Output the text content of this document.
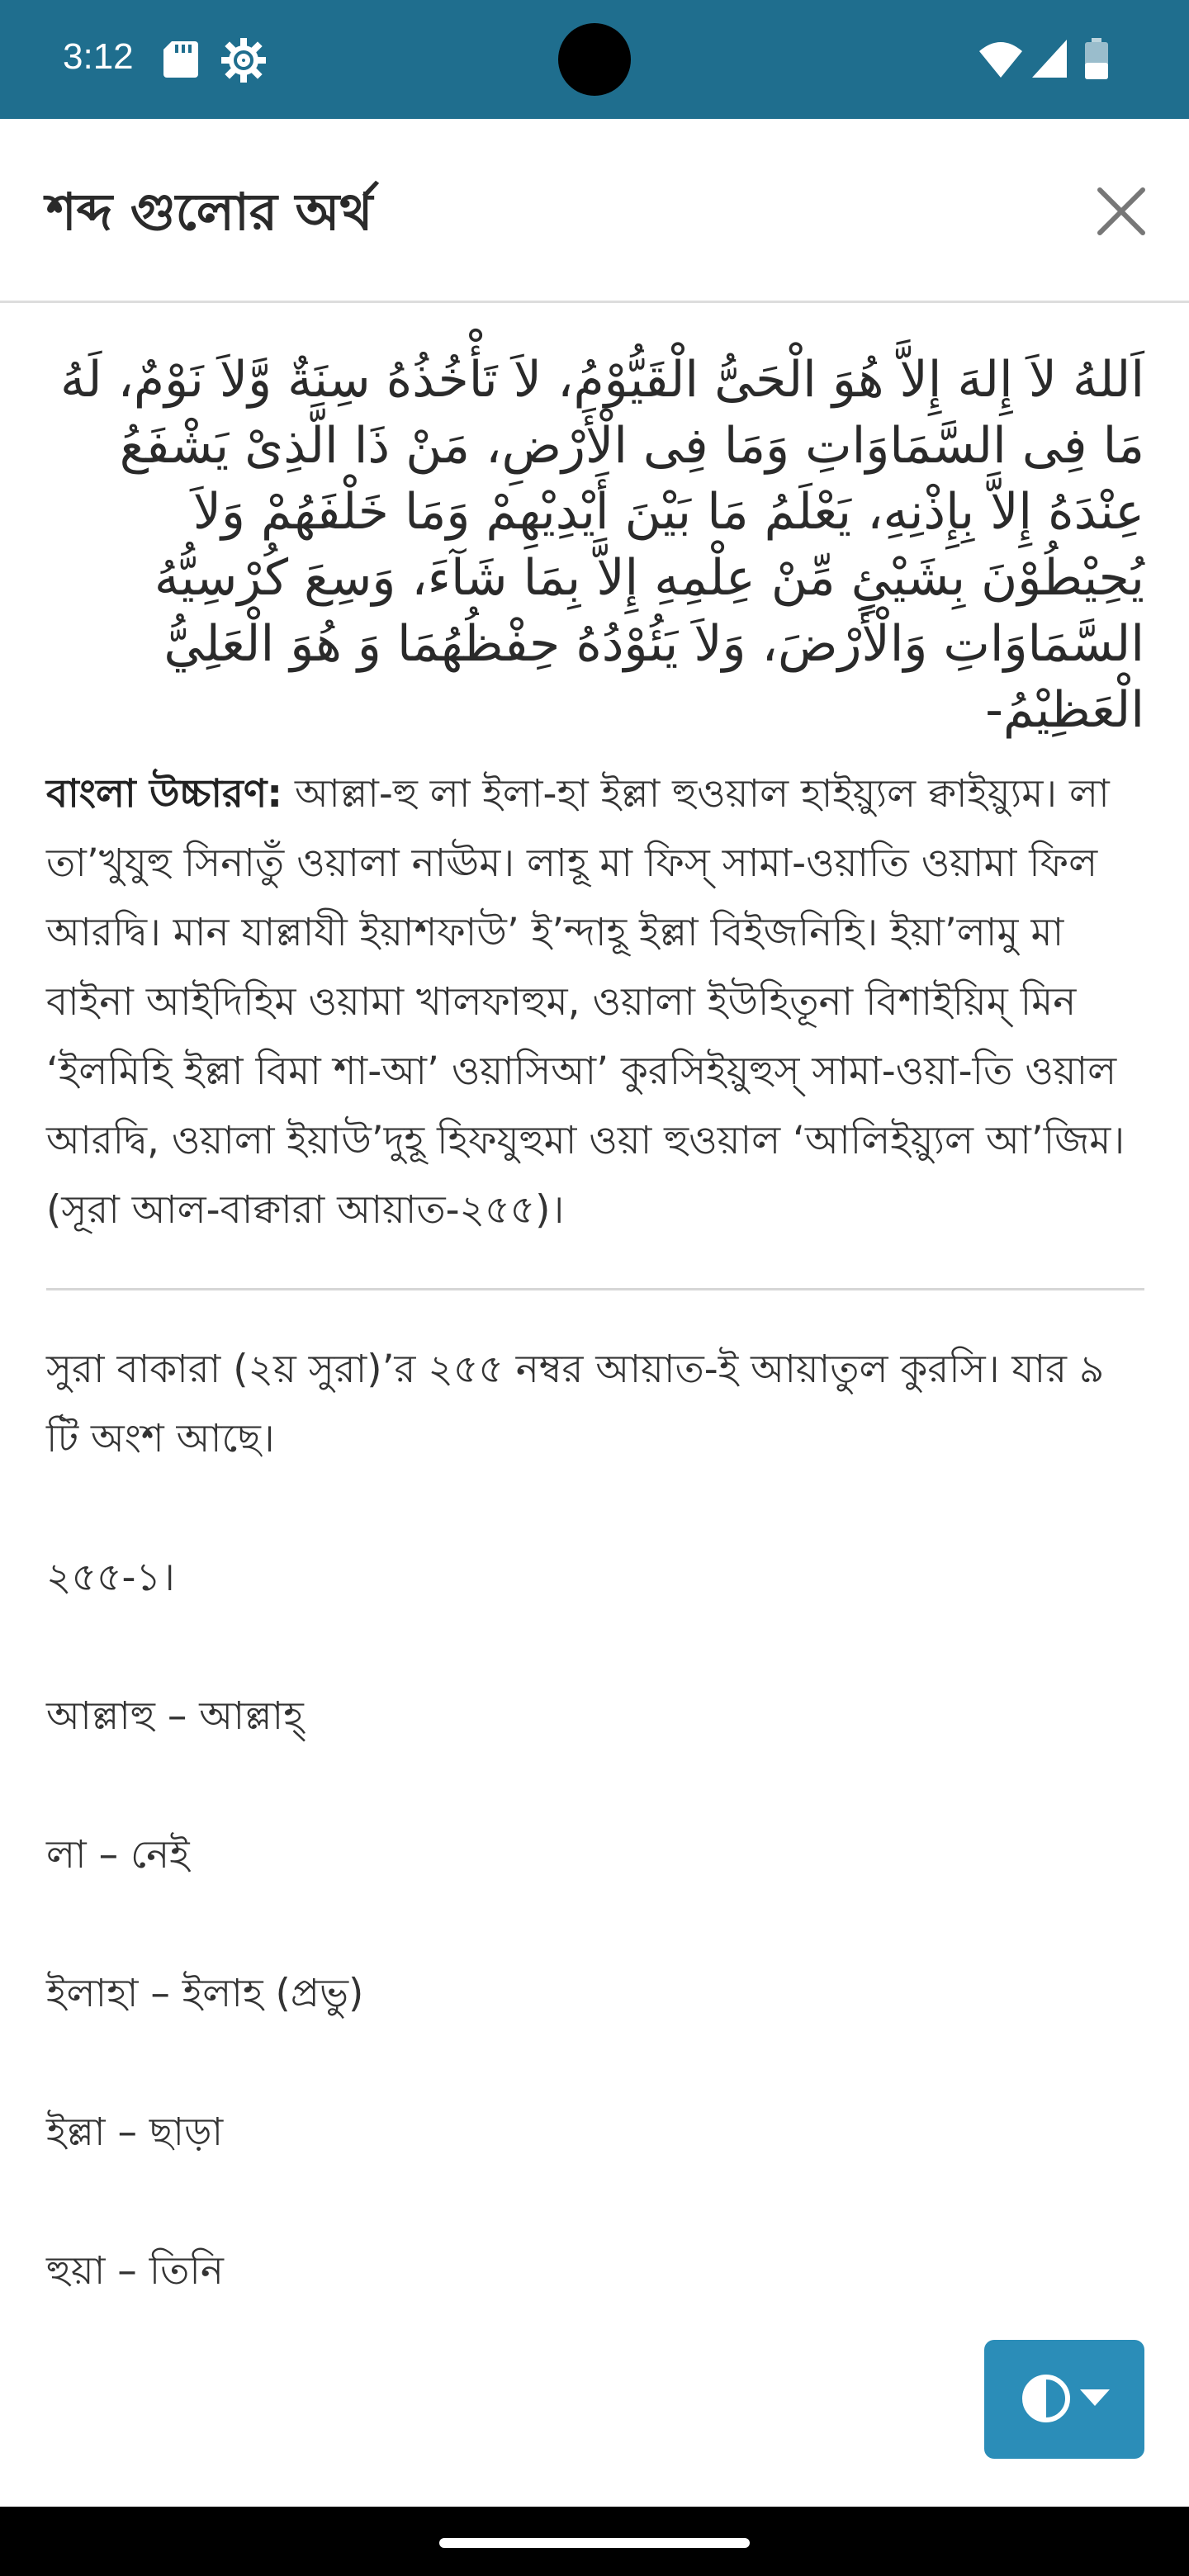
3:12
শব্দ গুলোর অর্থ

اَللهُ لاَ إِلهَ إِلاَّ هُوَ الْحَىُّ الْقَيُّوْمُ، لاَ تَأْخُذُهُ سِنَةٌ وَّلاَ نَوْمٌ، لَهُ مَا فِى السَّمَاوَاتِ وَمَا فِى الْأَرْضِ، مَنْ ذَا الَّذِىْ يَشْفَعُ عِنْدَهُ إِلاَّ بِإِذْنِهِ، يَعْلَمُ مَا بَيْنَ أَيْدِيْهِمْ وَمَا خَلْفَهُمْ وَلاَ يُحِيْطُوْنَ بِشَيْئٍ مِّنْ عِلْمِهِ إِلاَّ بِمَا شَآءَ، وَسِعَ كُرْسِيُّهُ السَّمَاوَاتِ وَالْأَرْضَ، وَلاَ يَئُوْدُهُ حِفْظُهُمَا وَ هُوَ الْعَلِيُّ الْعَظِيْمُ-

বাংলা উচ্চারণ: আল্লা-হু লা ইলা-হা ইল্লা হুওয়াল হাইয়্যুল ক্বাইয়্যুম। লা তা’খুযুহু সিনাতুঁ ওয়ালা নাঊম। লাহূ মা ফিস্ সামা-ওয়াতি ওয়ামা ফিল আরদ্বি। মান যাল্লাযী ইয়াশফাউ’ ই’ন্দাহূ ইল্লা বিইজনিহি। ইয়া’লামু মা বাইনা আইদিহিম ওয়ামা খালফাহুম, ওয়ালা ইউহিতূনা বিশাইয়িম্ মিন ‘ইলমিহি ইল্লা বিমা শা-আ’ ওয়াসিআ’ কুরসিইয়ুহুস্ সামা-ওয়া-তি ওয়াল আরদ্বি, ওয়ালা ইয়াউ’দুহূ হিফযুহুমা ওয়া হুওয়াল ‘আলিইয়্যুল আ’জিম। (সূরা আল-বাক্বারা আয়াত-২৫৫)।

সুরা বাকারা (২য় সুরা)’র ২৫৫ নম্বর আয়াত-ই আয়াতুল কুরসি। যার ৯ টি অংশ আছে।

২৫৫-১।
আল্লাহু – আল্লাহ্
লা – নেই
ইলাহা – ইলাহ (প্রভু)
ইল্লা – ছাড়া
হুয়া – তিনি
